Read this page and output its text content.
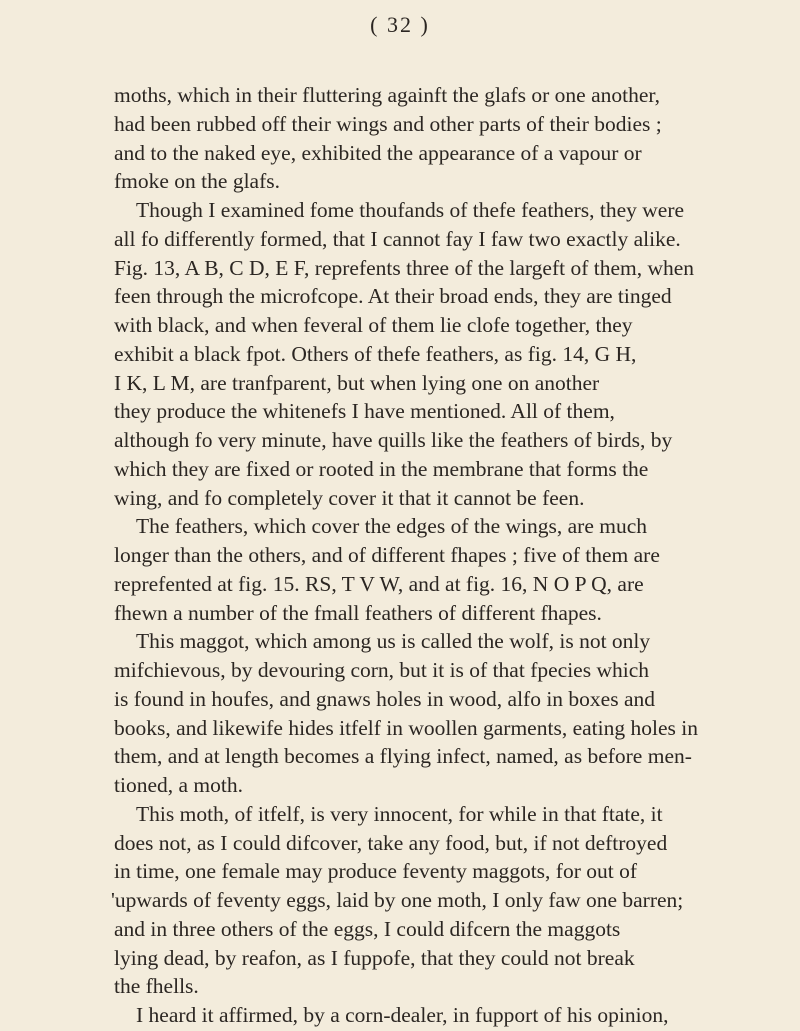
( 32 )
moths, which in their fluttering againft the glafs or one another,
had been rubbed off their wings and other parts of their bodies ;
and to the naked eye, exhibited the appearance of a vapour or
fmoke on the glafs.
Though I examined fome thoufands of thefe feathers, they were
all fo differently formed, that I cannot fay I faw two exactly alike.
Fig. 13, A B, C D, E F, reprefents three of the largeft of them, when
feen through the microfcope. At their broad ends, they are tinged
with black, and when feveral of them lie clofe together, they
exhibit a black fpot. Others of thefe feathers, as fig. 14, G H,
I K, L M, are tranfparent, but when lying one on another
they produce the whitenefs I have mentioned. All of them,
although fo very minute, have quills like the feathers of birds, by
which they are fixed or rooted in the membrane that forms the
wing, and fo completely cover it that it cannot be feen.
The feathers, which cover the edges of the wings, are much
longer than the others, and of different fhapes ; five of them are
reprefented at fig. 15. RS, T V W, and at fig. 16, N O P Q, are
fhewn a number of the fmall feathers of different fhapes.
This maggot, which among us is called the wolf, is not only
mifchievous, by devouring corn, but it is of that fpecies which
is found in houfes, and gnaws holes in wood, alfo in boxes and
books, and likewife hides itfelf in woollen garments, eating holes in
them, and at length becomes a flying infect, named, as before men-
tioned, a moth.
This moth, of itfelf, is very innocent, for while in that ftate, it
does not, as I could difcover, take any food, but, if not deftroyed
in time, one female may produce feventy maggots, for out of
'upwards of feventy eggs, laid by one moth, I only faw one barren;
and in three others of the eggs, I could difcern the maggots
lying dead, by reafon, as I fuppofe, that they could not break
the fhells.
I heard it affirmed, by a corn-dealer, in fupport of his opinion,
